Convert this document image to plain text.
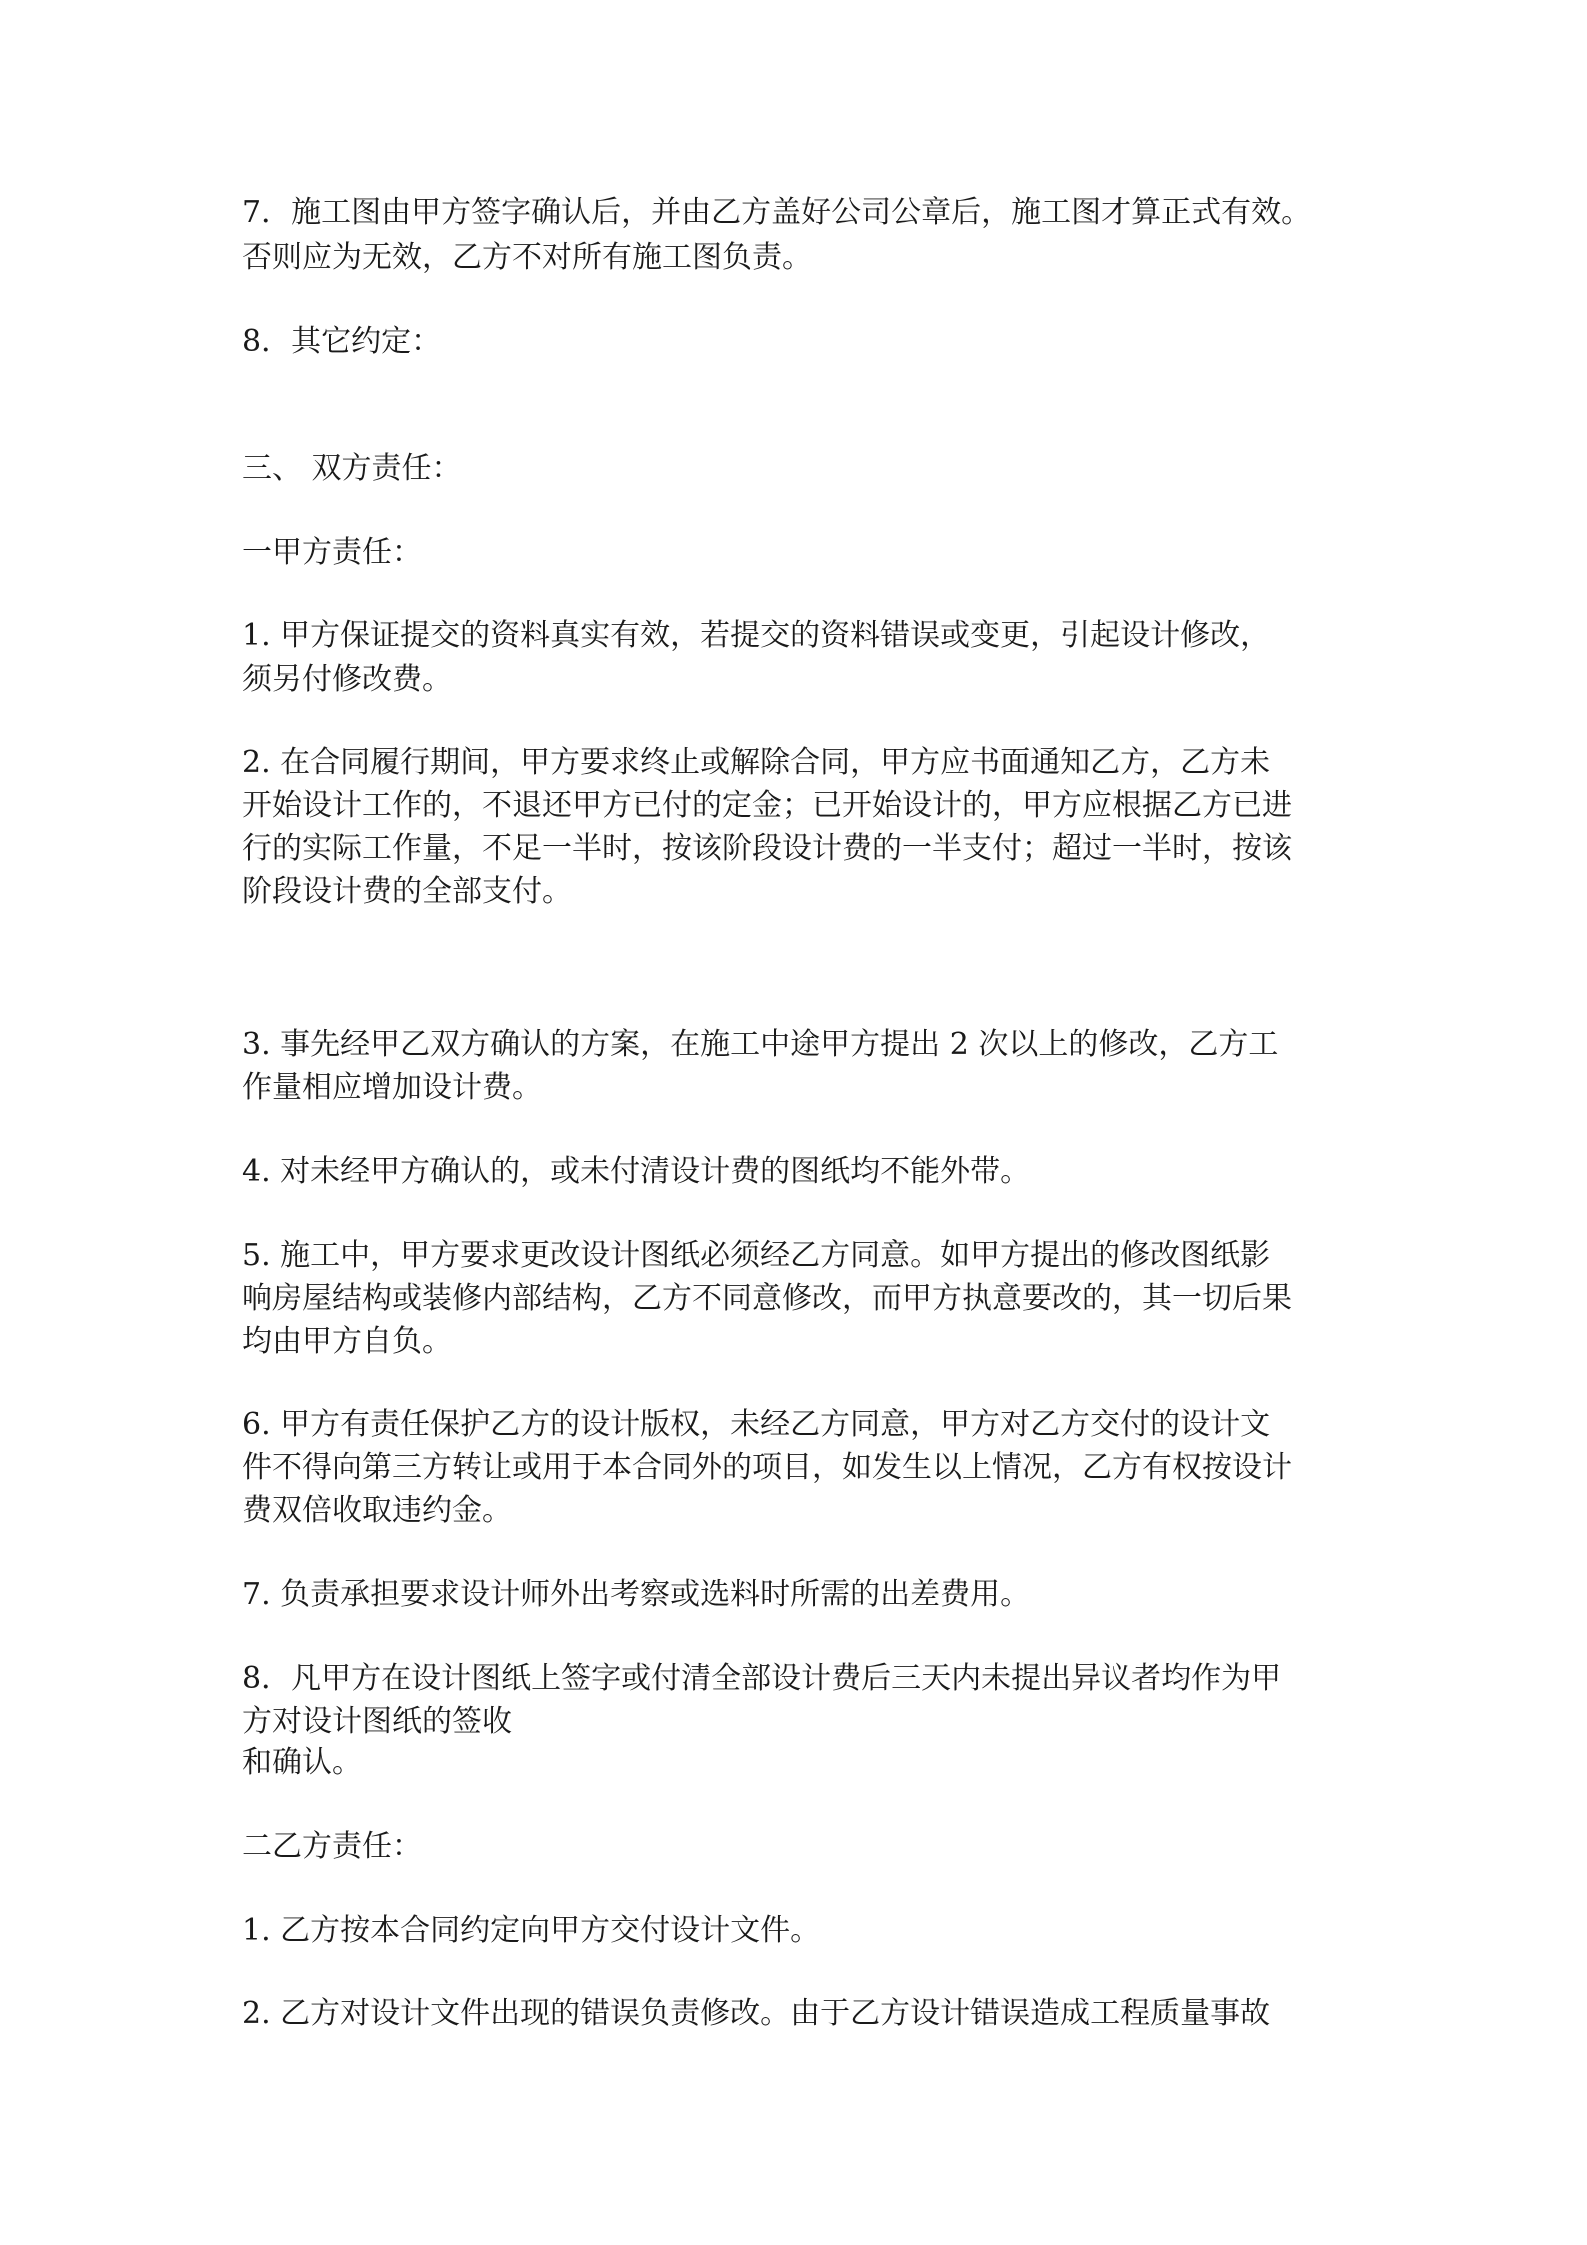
7．施工图由甲方签字确认后，并由乙方盖好公司公章后，施工图才算正式有效。

否则应为无效，乙方不对所有施工图负责。

8．其它约定：

三、 双方责任：

一甲方责任：

1. 甲方保证提交的资料真实有效，若提交的资料错误或变更，引起设计修改，

须另付修改费。

2. 在合同履行期间，甲方要求终止或解除合同，甲方应书面通知乙方，乙方未

开始设计工作的，不退还甲方已付的定金；已开始设计的，甲方应根据乙方已进

行的实际工作量，不足一半时，按该阶段设计费的一半支付；超过一半时，按该

阶段设计费的全部支付。

3. 事先经甲乙双方确认的方案，在施工中途甲方提出 2 次以上的修改，乙方工

作量相应增加设计费。

4. 对未经甲方确认的，或未付清设计费的图纸均不能外带。

5. 施工中，甲方要求更改设计图纸必须经乙方同意。如甲方提出的修改图纸影

响房屋结构或装修内部结构，乙方不同意修改，而甲方执意要改的，其一切后果

均由甲方自负。

6. 甲方有责任保护乙方的设计版权，未经乙方同意，甲方对乙方交付的设计文

件不得向第三方转让或用于本合同外的项目，如发生以上情况，乙方有权按设计

费双倍收取违约金。

7. 负责承担要求设计师外出考察或选料时所需的出差费用。

8．凡甲方在设计图纸上签字或付清全部设计费后三天内未提出异议者均作为甲

方对设计图纸的签收

和确认。

二乙方责任：

1. 乙方按本合同约定向甲方交付设计文件。

2. 乙方对设计文件出现的错误负责修改。由于乙方设计错误造成工程质量事故
